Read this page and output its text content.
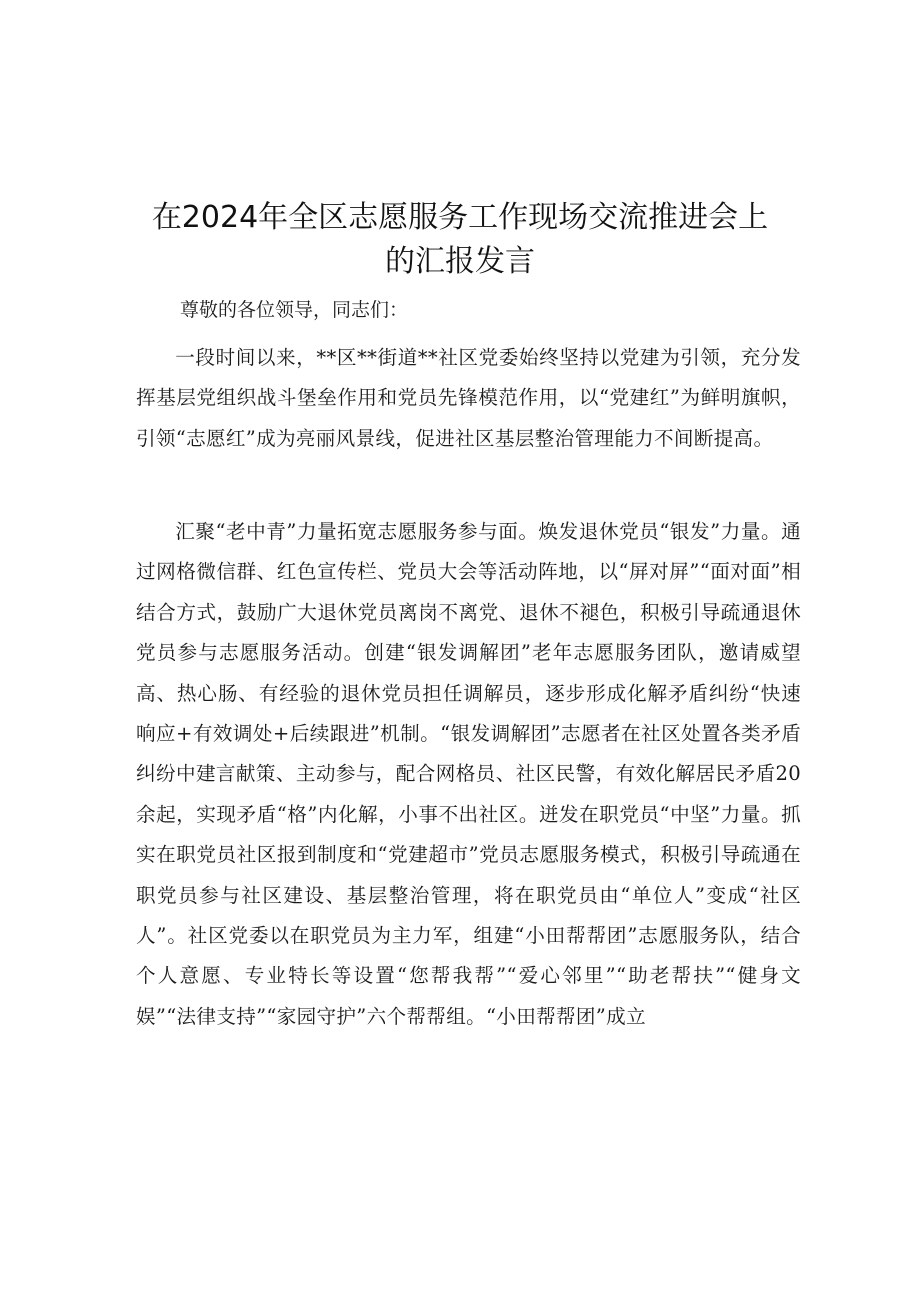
在2024年全区志愿服务工作现场交流推进会上
的汇报发言

尊敬的各位领导，同志们：

一段时间以来，**区**街道**社区党委始终坚持以党建为引领，充分发挥基层党组织战斗堡垒作用和党员先锋模范作用，以“党建红”为鲜明旗帜，引领“志愿红”成为亮丽风景线，促进社区基层整治管理能力不间断提高。

汇聚“老中青”力量拓宽志愿服务参与面。焕发退休党员“银发”力量。通过网格微信群、红色宣传栏、党员大会等活动阵地，以“屏对屏”“面对面”相结合方式，鼓励广大退休党员离岗不离党、退休不褪色，积极引导疏通退休党员参与志愿服务活动。创建“银发调解团”老年志愿服务团队，邀请威望高、热心肠、有经验的退休党员担任调解员，逐步形成化解矛盾纠纷“快速响应+有效调处+后续跟进”机制。“银发调解团”志愿者在社区处置各类矛盾纠纷中建言献策、主动参与，配合网格员、社区民警，有效化解居民矛盾20余起，实现矛盾“格”内化解，小事不出社区。迸发在职党员“中坚”力量。抓实在职党员社区报到制度和“党建超市”党员志愿服务模式，积极引导疏通在职党员参与社区建设、基层整治管理，将在职党员由“单位人”变成“社区人”。社区党委以在职党员为主力军，组建“小田帮帮团”志愿服务队，结合个人意愿、专业特长等设置“您帮我帮”“爱心邻里”“助老帮扶”“健身文娱”“法律支持”“家园守护”六个帮帮组。“小田帮帮团”成立
